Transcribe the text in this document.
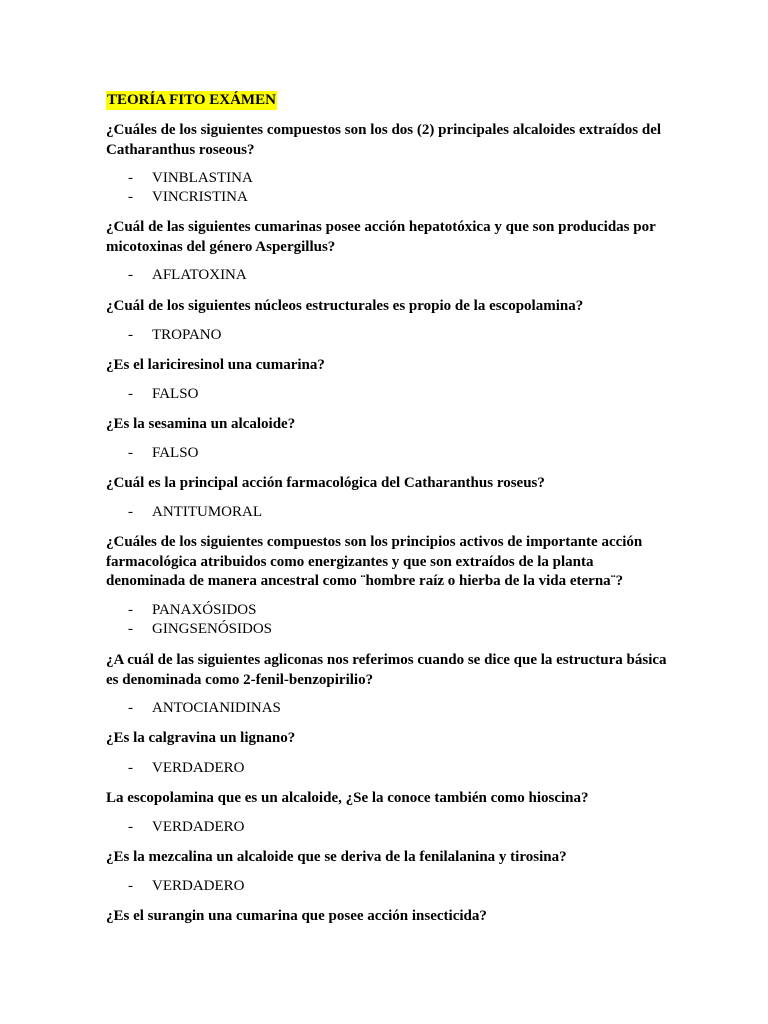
TEORÍA FITO EXÁMEN

¿Cuáles de los siguientes compuestos son los dos (2) principales alcaloides extraídos del Catharanthus roseous?

- VINBLASTINA
- VINCRISTINA

¿Cuál de las siguientes cumarinas posee acción hepatotóxica y que son producidas por micotoxinas del género Aspergillus?

- AFLATOXINA

¿Cuál de los siguientes núcleos estructurales es propio de la escopolamina?

- TROPANO

¿Es el lariciresinol una cumarina?

- FALSO

¿Es la sesamina un alcaloide?

- FALSO

¿Cuál es la principal acción farmacológica del Catharanthus roseus?

- ANTITUMORAL

¿Cuáles de los siguientes compuestos son los principios activos de importante acción farmacológica atribuidos como energizantes y que son extraídos de la planta denominada de manera ancestral como ¨hombre raíz o hierba de la vida eterna¨?

- PANAXÓSIDOS
- GINGSENÓSIDOS

¿A cuál de las siguientes agliconas nos referimos cuando se dice que la estructura básica es denominada como 2-fenil-benzopirilio?

- ANTOCIANIDINAS

¿Es la calgravina un lignano?

- VERDADERO

La escopolamina que es un alcaloide, ¿Se la conoce también como hioscina?

- VERDADERO

¿Es la mezcalina un alcaloide que se deriva de la fenilalanina y tirosina?

- VERDADERO

¿Es el surangin una cumarina que posee acción insecticida?
